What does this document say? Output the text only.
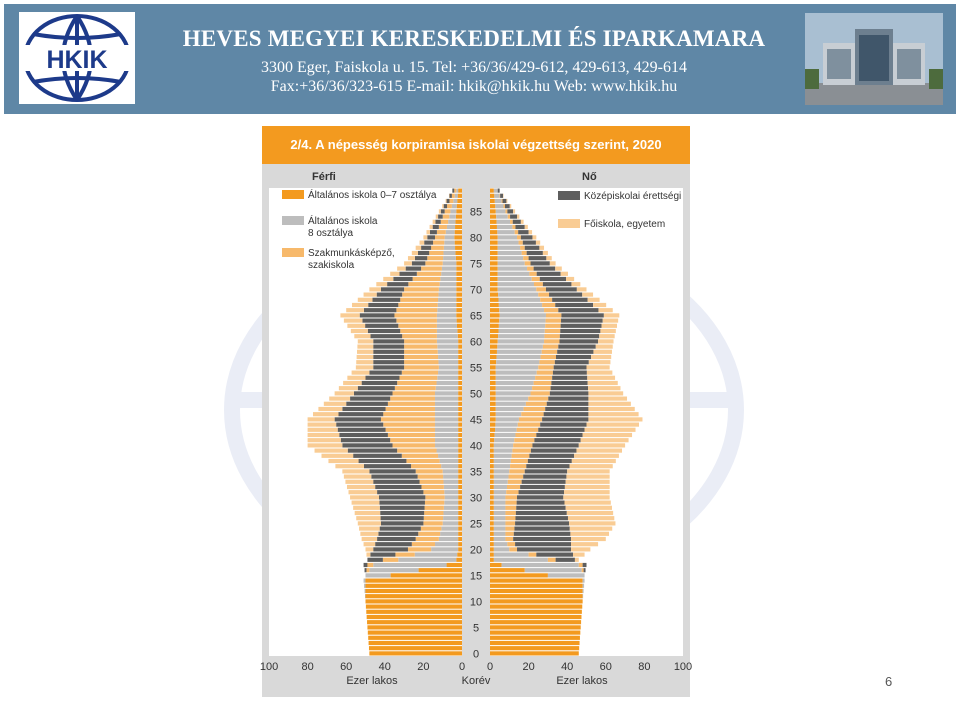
HKIK
HEVES MEGYEI KERESKEDELMI ÉS IPARKAMARA
3300 Eger, Faiskola u. 15. Tel: +36/36/429-612, 429-613, 429-614
Fax:+36/36/323-615 E-mail: hkik@hkik.hu Web: www.hkik.hu
2/4. A népesség korpiramisa iskolai végzettség szerint, 2020
Férfi	Nő
0
5
10
15
20
25
30
35
40
45
50
55
60
65
70
75
80
85
100	100
80	80
60	60
40	40
20	20
0 0
Általános iskola 0–7 osztálya
Általános iskola
8 osztálya
Szakmunkásképző,
szakiskola
Középiskolai érettségi
Főiskola, egyetem
Ezer lakos	Korév	Ezer lakos	6
